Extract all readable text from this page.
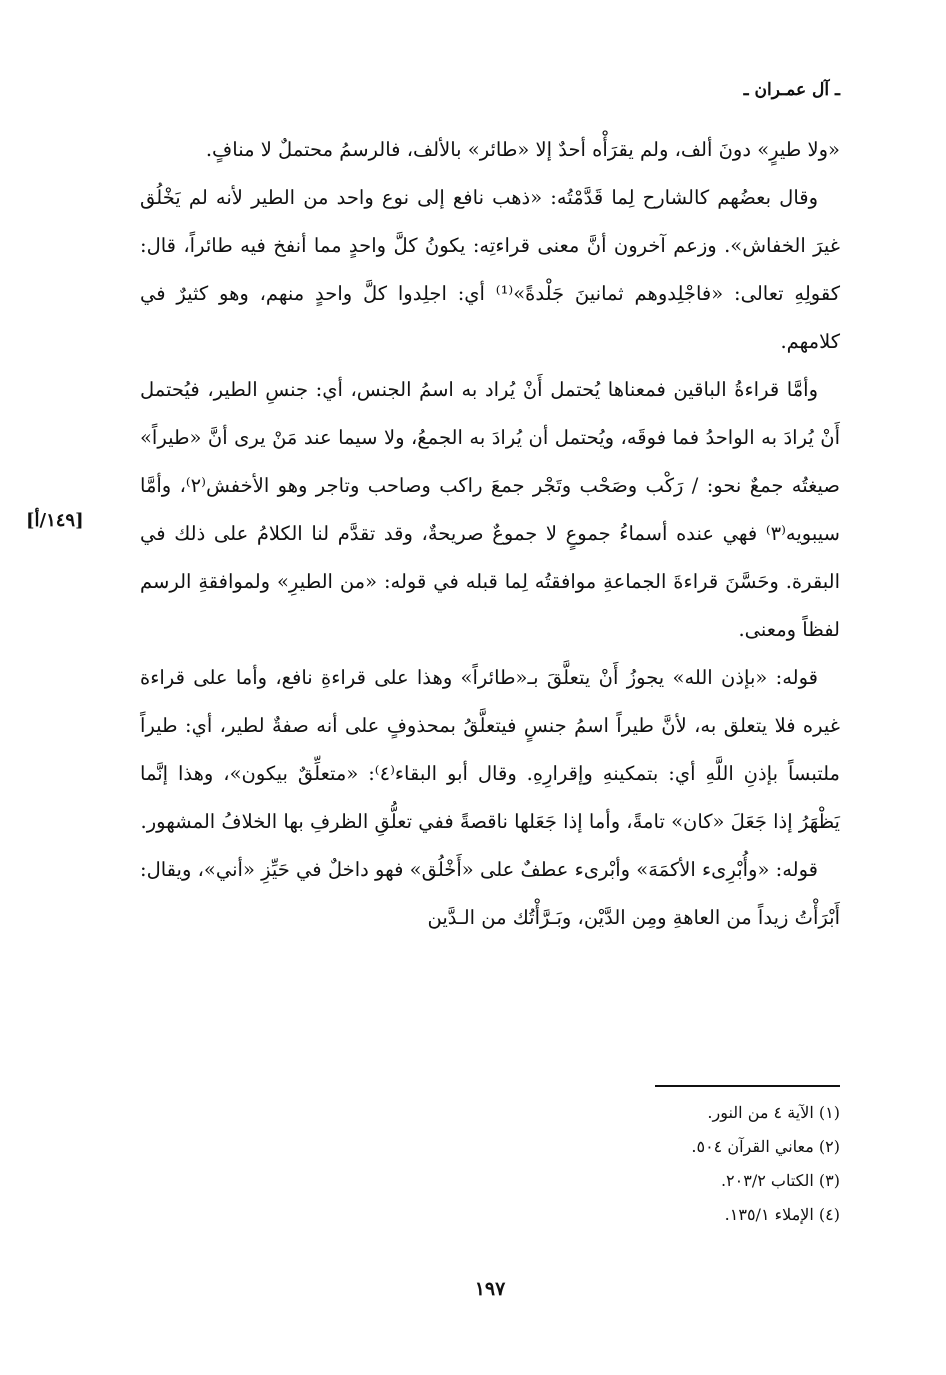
ـ آل عمـران ـ

«ولا طيرٍ» دونَ ألف، ولم يقرَأْه أحدٌ إلا «طائر» بالألف، فالرسمُ محتملٌ لا منافٍ.

وقال بعضُهم كالشارح لِما قَدَّمْتُه: «ذهب نافع إلى نوع واحد من الطير لأنه لم يَخْلُق غيرَ الخفاش». وزعم آخرون أنَّ معنى قراءتِه: يكونُ كلَّ واحدٍ مما أنفخ فيه طائراً، قال: كقولِهِ تعالى: «فاجْلِدوهم ثمانينَ جَلْدةً»⁽¹⁾ أي: اجلِدوا كلَّ واحدٍ منهم، وهو كثيرٌ في كلامهم.

وأمَّا قراءةُ الباقين فمعناها يُحتمل أَنْ يُراد به اسمُ الجنس، أي: جنسِ الطير، فيُحتمل أَنْ يُرادَ به الواحدُ فما فوقَه، ويُحتمل أن يُرادَ به الجمعُ، ولا سيما عند مَنْ يرى أنَّ «طيراً» صيغتُه جمعٌ نحو: / رَكْب وصَحْب وتَجْر جمعَ راكب وصاحب وتاجر وهو الأخفش⁽٢⁾، وأمَّا سيبويه⁽٣⁾ فهي عنده أسماءُ جموعٍ لا جموعٌ صريحةٌ، وقد تقدَّم لنا الكلامُ على ذلك في البقرة. وحَسَّنَ قراءةَ الجماعةِ موافقتُه لِما قبله في قوله: «من الطيرِ» ولموافقةِ الرسم لفظاً ومعنى.

قوله: «بإذن الله» يجوزُ أَنْ يتعلَّقَ بـ«طائراً» وهذا على قراءةِ نافع، وأما على قراءة غيره فلا يتعلق به، لأنَّ طيراً اسمُ جنسٍ فيتعلَّقُ بمحذوفٍ على أنه صفةٌ لطير، أي: طيراً ملتبساً بإذنِ اللَّهِ أي: بتمكينهِ وإقرارِهِ. وقال أبو البقاء⁽٤⁾: «متعلِّقٌ بيكون»، وهذا إنَّما يَظْهَرُ إذا جَعَلَ «كان» تامةً، وأما إذا جَعَلها ناقصةً ففي تعلُّقِ الظرفِ بها الخلافُ المشهور.

قوله: «وأُبْرِىء الأكمَهَ» وأبْرىء عطفٌ على «أَخْلُق» فهو داخلٌ في حَيِّزِ «أني»، ويقال: أَبْرَأْتُ زيداً من العاهةِ ومِن الدَّيْن، وبَـرَّأْتُك من الـدَّين

(١) الآية ٤ من النور.
(٢) معاني القرآن ٥٠٤.
(٣) الكتاب ٢٠٣/٢.
(٤) الإملاء ١٣٥/١.
١٩٧
[١٤٩/أ]
